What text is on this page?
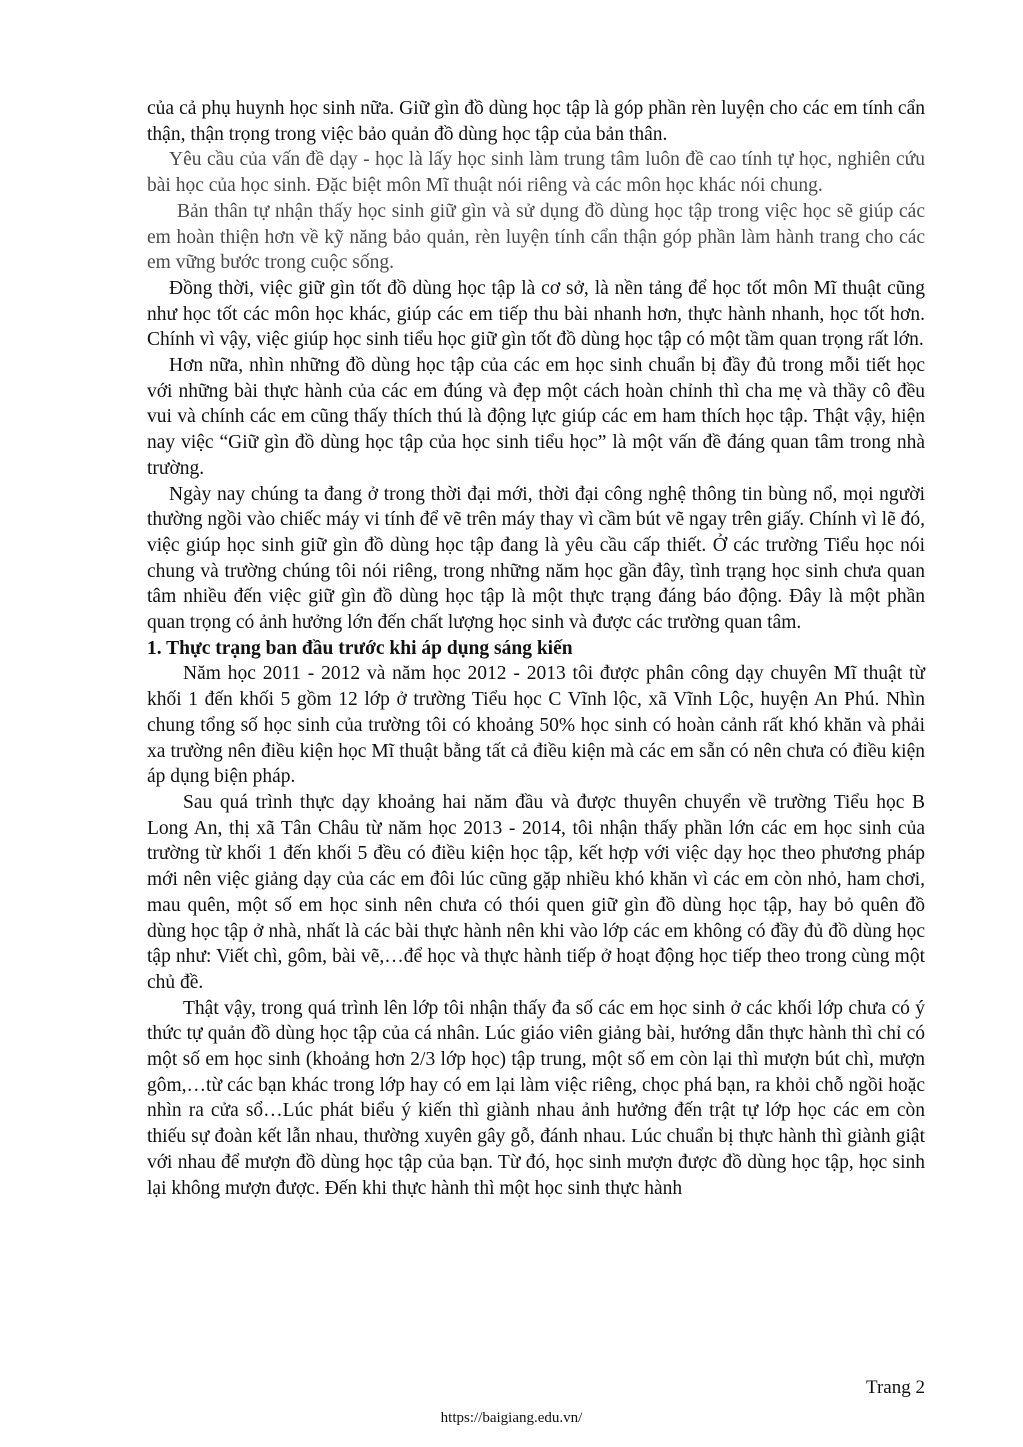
của cả phụ huynh học sinh nữa. Giữ gìn đồ dùng học tập là góp phần rèn luyện cho các em tính cẩn thận, thận trọng trong việc bảo quản đồ dùng học tập của bản thân.

Yêu cầu của vấn đề dạy - học là lấy học sinh làm trung tâm luôn đề cao tính tự học, nghiên cứu bài học của học sinh. Đặc biệt môn Mĩ thuật nói riêng và các môn học khác nói chung.

Bản thân tự nhận thấy học sinh giữ gìn và sử dụng đồ dùng học tập trong việc học sẽ giúp các em hoàn thiện hơn về kỹ năng bảo quản, rèn luyện tính cẩn thận góp phần làm hành trang cho các em vững bước trong cuộc sống.

Đồng thời, việc giữ gìn tốt đồ dùng học tập là cơ sở, là nền tảng để học tốt môn Mĩ thuật cũng như học tốt các môn học khác, giúp các em tiếp thu bài nhanh hơn, thực hành nhanh, học tốt hơn. Chính vì vậy, việc giúp học sinh tiểu học giữ gìn tốt đồ dùng học tập có một tầm quan trọng rất lớn.

Hơn nữa, nhìn những đồ dùng học tập của các em học sinh chuẩn bị đầy đủ trong mỗi tiết học với những bài thực hành của các em đúng và đẹp một cách hoàn chỉnh thì cha mẹ và thầy cô đều vui và chính các em cũng thấy thích thú là động lực giúp các em ham thích học tập. Thật vậy, hiện nay việc “Giữ gìn đồ dùng học tập của học sinh tiểu học” là một vấn đề đáng quan tâm trong nhà trường.

Ngày nay chúng ta đang ở trong thời đại mới, thời đại công nghệ thông tin bùng nổ, mọi người thường ngồi vào chiếc máy vi tính để vẽ trên máy thay vì cầm bút vẽ ngay trên giấy. Chính vì lẽ đó, việc giúp học sinh giữ gìn đồ dùng học tập đang là yêu cầu cấp thiết. Ở các trường Tiểu học nói chung và trường chúng tôi nói riêng, trong những năm học gần đây, tình trạng học sinh chưa quan tâm nhiều đến việc giữ gìn đồ dùng học tập là một thực trạng đáng báo động. Đây là một phần quan trọng có ảnh hưởng lớn đến chất lượng học sinh và được các trường quan tâm.

1. Thực trạng ban đầu trước khi áp dụng sáng kiến

Năm học 2011 - 2012 và năm học 2012 - 2013 tôi được phân công dạy chuyên Mĩ thuật từ khối 1 đến khối 5 gồm 12 lớp ở trường Tiểu học C Vĩnh lộc, xã Vĩnh Lộc, huyện An Phú. Nhìn chung tổng số học sinh của trường tôi có khoảng 50% học sinh có hoàn cảnh rất khó khăn và phải xa trường nên điều kiện học Mĩ thuật bằng tất cả điều kiện mà các em sẵn có nên chưa có điều kiện áp dụng biện pháp.

Sau quá trình thực dạy khoảng hai năm đầu và được thuyên chuyển về trường Tiểu học B Long An, thị xã Tân Châu từ năm học 2013 - 2014, tôi nhận thấy phần lớn các em học sinh của trường từ khối 1 đến khối 5 đều có điều kiện học tập, kết hợp với việc dạy học theo phương pháp mới nên việc giảng dạy của các em đôi lúc cũng gặp nhiều khó khăn vì các em còn nhỏ, ham chơi, mau quên, một số em học sinh nên chưa có thói quen giữ gìn đồ dùng học tập, hay bỏ quên đồ dùng học tập ở nhà, nhất là các bài thực hành nên khi vào lớp các em không có đầy đủ đồ dùng học tập như: Viết chì, gôm, bài vẽ,…để học và thực hành tiếp ở hoạt động học tiếp theo trong cùng một chủ đề.

Thật vậy, trong quá trình lên lớp tôi nhận thấy đa số các em học sinh ở các khối lớp chưa có ý thức tự quản đồ dùng học tập của cá nhân. Lúc giáo viên giảng bài, hướng dẫn thực hành thì chỉ có một số em học sinh (khoảng hơn 2/3 lớp học) tập trung, một số em còn lại thì mượn bút chì, mượn gôm,…từ các bạn khác trong lớp hay có em lại làm việc riêng, chọc phá bạn, ra khỏi chỗ ngồi hoặc nhìn ra cửa sổ…Lúc phát biểu ý kiến thì giành nhau ảnh hưởng đến trật tự lớp học các em còn thiếu sự đoàn kết lẫn nhau, thường xuyên gây gỗ, đánh nhau. Lúc chuẩn bị thực hành thì giành giật với nhau để mượn đồ dùng học tập của bạn. Từ đó, học sinh mượn được đồ dùng học tập, học sinh lại không mượn được. Đến khi thực hành thì một học sinh thực hành

Trang 2
https://baigiang.edu.vn/
